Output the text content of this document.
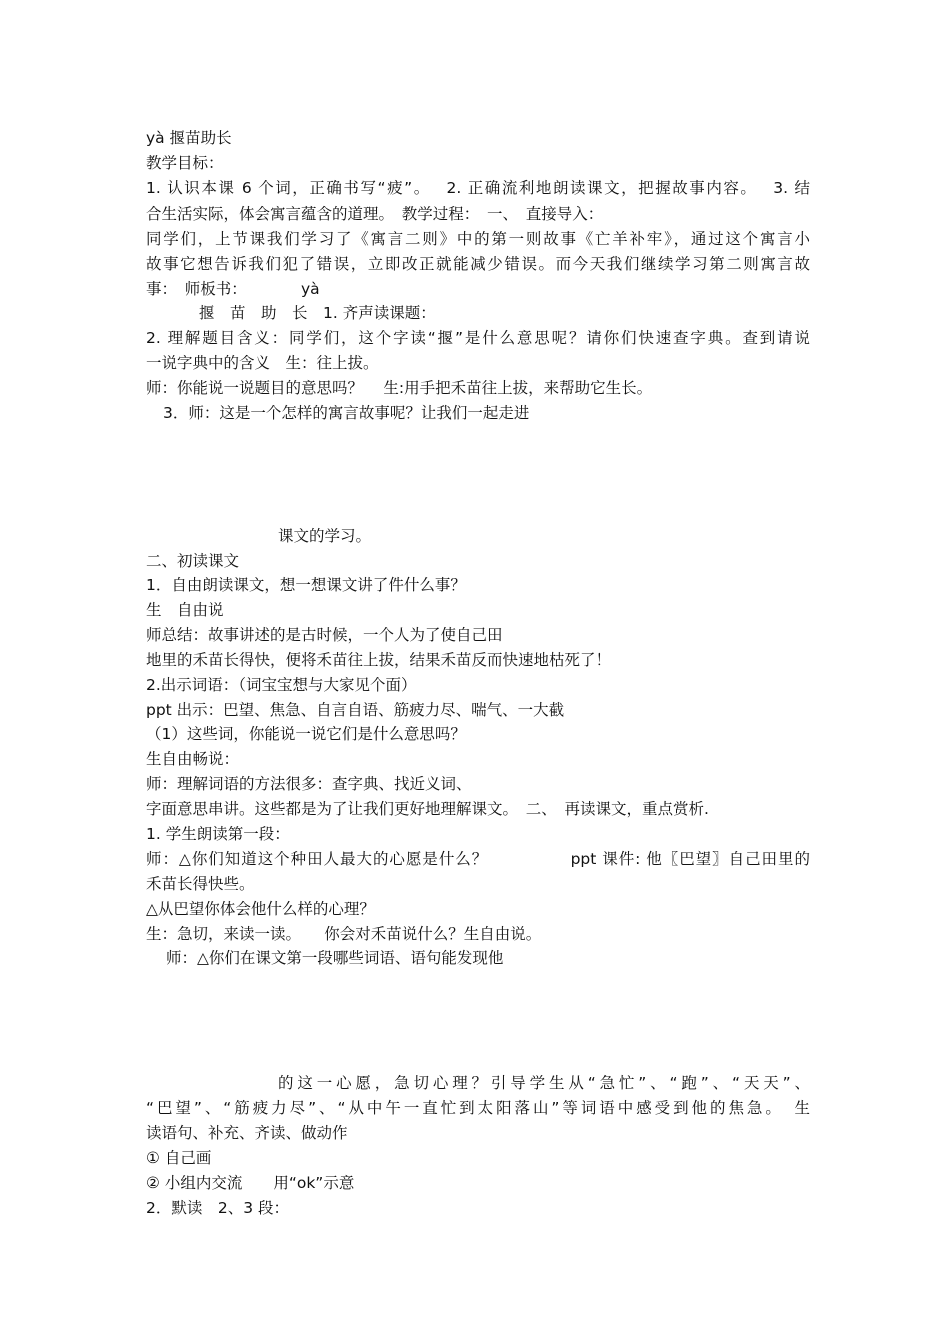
yà 揠苗助长
教学目标：
1. 认识本课 6 个词，正确书写“疲”。　 2. 正确流利地朗读课文，把握故事内容。　 3. 结
合生活实际，体会寓言蕴含的道理。　教学过程：　一、　直接导入：
同学们，上节课我们学习了《寓言二则》中的第一则故事《亡羊补牢》，通过这个寓言小
故事它想告诉我们犯了错误，立即改正就能减少错误。而今天我们继续学习第二则寓言故
事：　师板书：　　　　yà
揠　苗　助　长　1. 齐声读课题：
2. 理解题目含义：同学们，这个字读“揠”是什么意思呢？请你们快速查字典。查到请说
一说字典中的含义　生：往上拔。
师：你能说一说题目的意思吗？　 生:用手把禾苗往上拔，来帮助它生长。
3．师：这是一个怎样的寓言故事呢？让我们一起走进
课文的学习。
二、初读课文
1．自由朗读课文，想一想课文讲了件什么事？
生　自由说
师总结：故事讲述的是古时候，一个人为了使自己田
地里的禾苗长得快，便将禾苗往上拔，结果禾苗反而快速地枯死了！
2.出示词语：（词宝宝想与大家见个面）
ppt 出示：巴望、焦急、自言自语、筋疲力尽、喘气、一大截
（1）这些词，你能说一说它们是什么意思吗？
生自由畅说：
师：理解词语的方法很多：查字典、找近义词、
字面意思串讲。这些都是为了让我们更好地理解课文。　二、　再读课文，重点赏析.
1. 学生朗读第一段：
师：△你们知道这个种田人最大的心愿是什么？　　　　　ppt 课件: 他〖巴望〗自己田里的
禾苗长得快些。
△从巴望你体会他什么样的心理？
生：急切，来读一读。　　你会对禾苗说什么？生自由说。
师：△你们在课文第一段哪些词语、语句能发现他
的这一心愿，急切心理？引导学生从“急忙”、“跑”、“天天”、
“巴望”、“筋疲力尽”、“从中午一直忙到太阳落山”等词语中感受到他的焦急。　生
读语句、补充、齐读、做动作
① 自己画
② 小组内交流　　用“ok”示意
2．默读　2、3 段：
